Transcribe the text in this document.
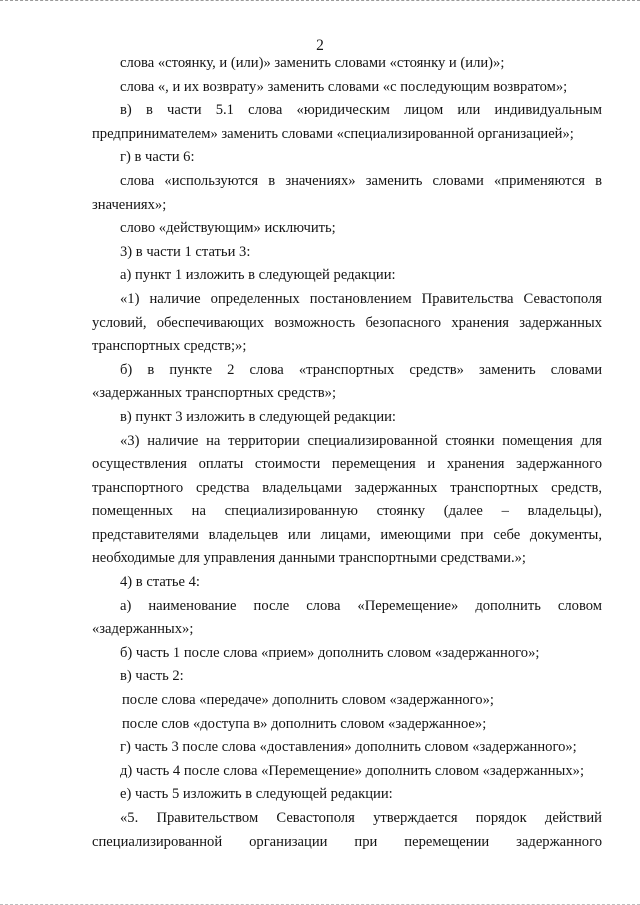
2

слова «стоянку, и (или)» заменить словами «стоянку и (или)»;

слова «, и их возврату» заменить словами «с последующим возвратом»;

в) в части 5.1 слова «юридическим лицом или индивидуальным предпринимателем» заменить словами «специализированной организацией»;

г) в части 6:

слова «используются в значениях» заменить словами «применяются в значениях»;

слово «действующим» исключить;

3) в части 1 статьи 3:

а) пункт 1 изложить в следующей редакции:

«1) наличие определенных постановлением Правительства Севастополя условий, обеспечивающих возможность безопасного хранения задержанных транспортных средств;»;

б) в пункте 2 слова «транспортных средств» заменить словами «задержанных транспортных средств»;

в) пункт 3 изложить в следующей редакции:

«3) наличие на территории специализированной стоянки помещения для осуществления оплаты стоимости перемещения и хранения задержанного транспортного средства владельцами задержанных транспортных средств, помещенных на специализированную стоянку (далее – владельцы), представителями владельцев или лицами, имеющими при себе документы, необходимые для управления данными транспортными средствами.»;

4) в статье 4:

а) наименование после слова «Перемещение» дополнить словом «задержанных»;

б) часть 1 после слова «прием» дополнить словом «задержанного»;

в) часть 2:

после слова «передаче» дополнить словом «задержанного»;

после слов «доступа в» дополнить словом «задержанное»;

г) часть 3 после слова «доставления» дополнить словом «задержанного»;

д) часть 4 после слова «Перемещение» дополнить словом «задержанных»;

е) часть 5 изложить в следующей редакции:

«5. Правительством Севастополя утверждается порядок действий специализированной организации при перемещении задержанного
